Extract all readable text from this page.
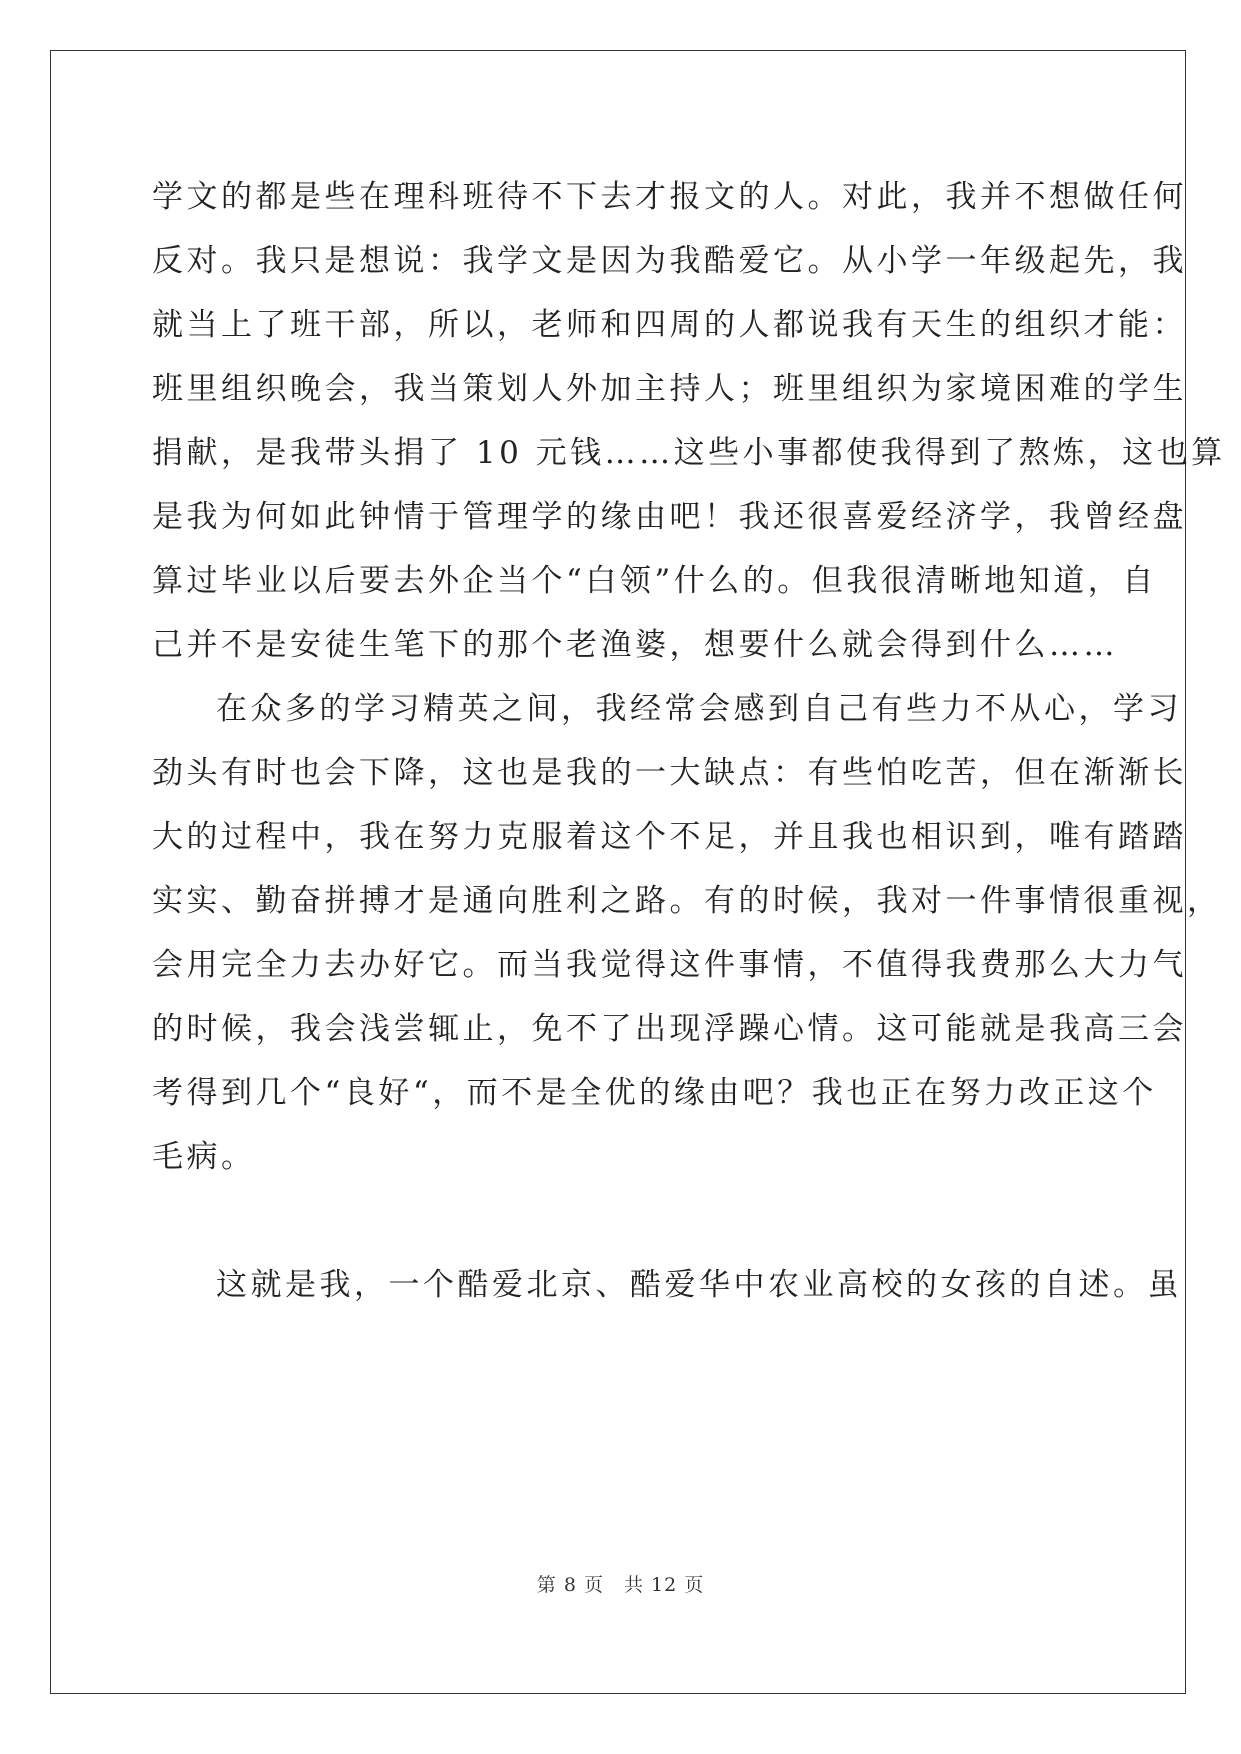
学文的都是些在理科班待不下去才报文的人。对此，我并不想做任何
反对。我只是想说：我学文是因为我酷爱它。从小学一年级起先，我
就当上了班干部，所以，老师和四周的人都说我有天生的组织才能：
班里组织晚会，我当策划人外加主持人；班里组织为家境困难的学生
捐献，是我带头捐了 10 元钱……这些小事都使我得到了熬炼，这也算
是我为何如此钟情于管理学的缘由吧！我还很喜爱经济学，我曾经盘
算过毕业以后要去外企当个“白领”什么的。但我很清晰地知道，自
己并不是安徒生笔下的那个老渔婆，想要什么就会得到什么……
在众多的学习精英之间，我经常会感到自己有些力不从心，学习
劲头有时也会下降，这也是我的一大缺点：有些怕吃苦，但在渐渐长
大的过程中，我在努力克服着这个不足，并且我也相识到，唯有踏踏
实实、勤奋拼搏才是通向胜利之路。有的时候，我对一件事情很重视，
会用完全力去办好它。而当我觉得这件事情，不值得我费那么大力气
的时候，我会浅尝辄止，免不了出现浮躁心情。这可能就是我高三会
考得到几个“良好“，而不是全优的缘由吧？我也正在努力改正这个
毛病。
这就是我，一个酷爱北京、酷爱华中农业高校的女孩的自述。虽
第 8 页　共 12 页
